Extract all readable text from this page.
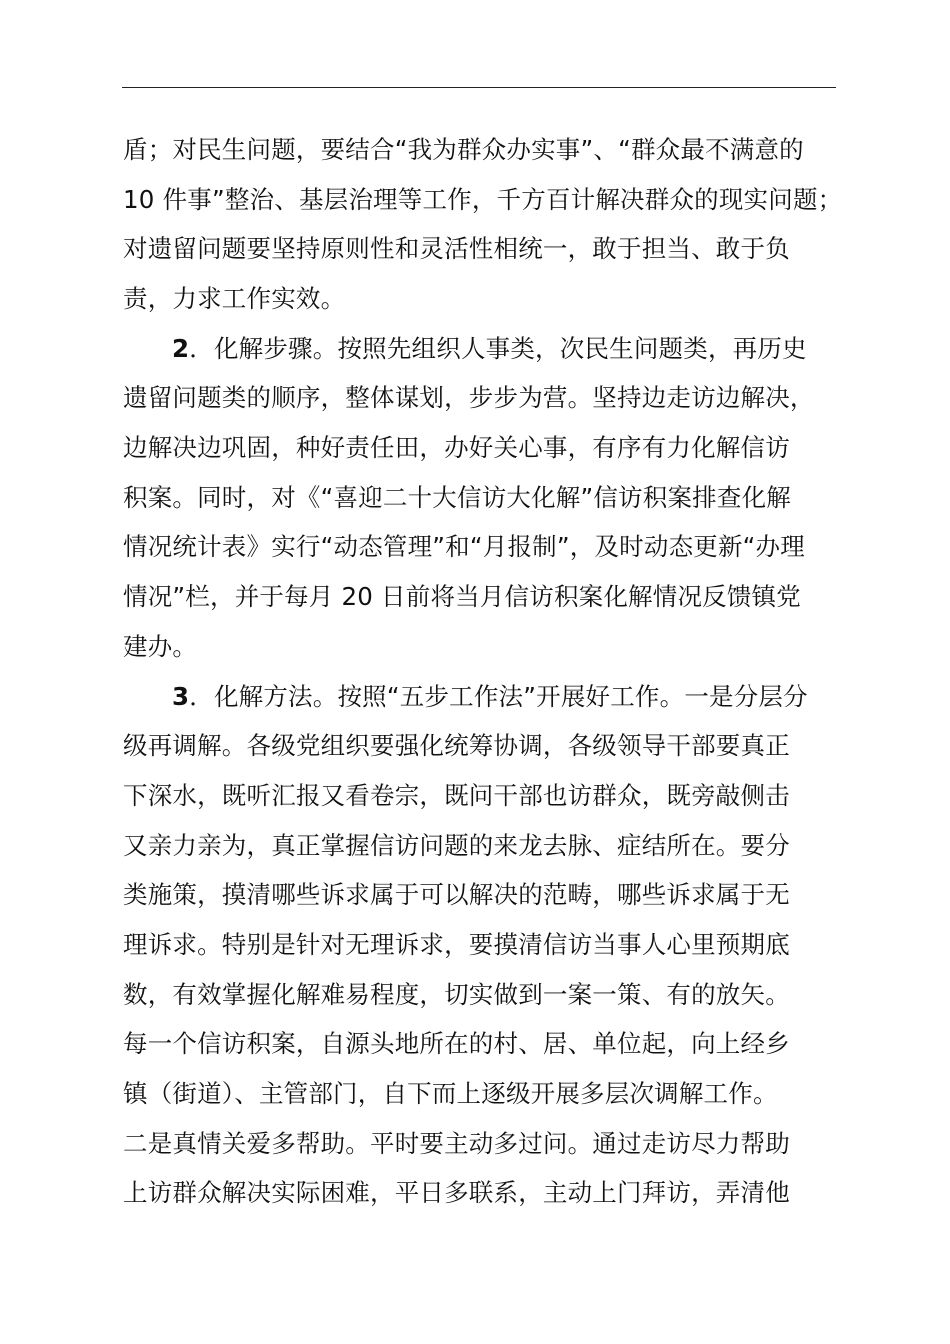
盾；对民生问题，要结合“我为群众办实事”、“群众最不满意的
10 件事”整治、基层治理等工作，千方百计解决群众的现实问题；
对遗留问题要坚持原则性和灵活性相统一，敢于担当、敢于负
责，力求工作实效。
2．化解步骤。按照先组织人事类，次民生问题类，再历史
遗留问题类的顺序，整体谋划，步步为营。坚持边走访边解决，
边解决边巩固，种好责任田，办好关心事，有序有力化解信访
积案。同时，对《“喜迎二十大信访大化解”信访积案排查化解
情况统计表》实行“动态管理”和“月报制”，及时动态更新“办理
情况”栏，并于每月 20 日前将当月信访积案化解情况反馈镇党
建办。
3．化解方法。按照“五步工作法”开展好工作。一是分层分
级再调解。各级党组织要强化统筹协调，各级领导干部要真正
下深水，既听汇报又看卷宗，既问干部也访群众，既旁敲侧击
又亲力亲为，真正掌握信访问题的来龙去脉、症结所在。要分
类施策，摸清哪些诉求属于可以解决的范畴，哪些诉求属于无
理诉求。特别是针对无理诉求，要摸清信访当事人心里预期底
数，有效掌握化解难易程度，切实做到一案一策、有的放矢。
每一个信访积案，自源头地所在的村、居、单位起，向上经乡
镇（街道）、主管部门，自下而上逐级开展多层次调解工作。
二是真情关爱多帮助。平时要主动多过问。通过走访尽力帮助
上访群众解决实际困难，平日多联系，主动上门拜访，弄清他
